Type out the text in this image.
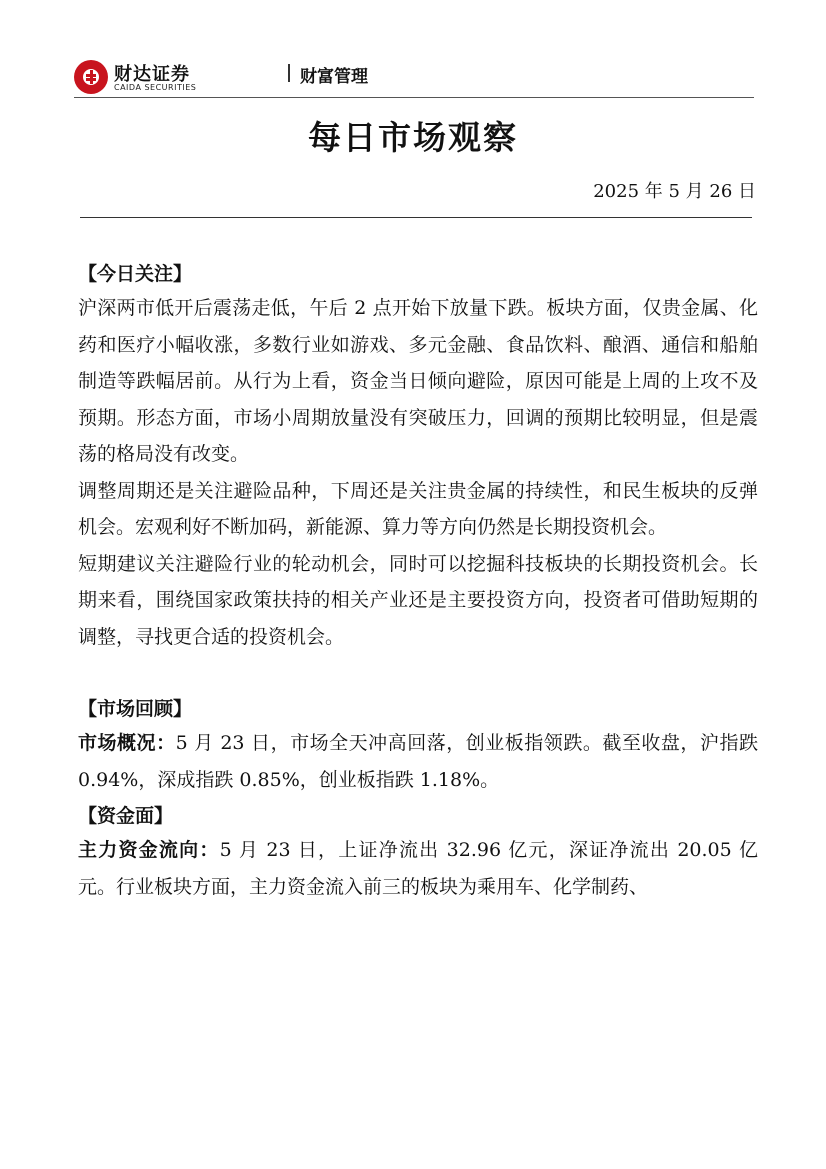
财达证券
CAIDA SECURITIES
财富管理
每日市场观察
2025 年 5 月 26 日
【今日关注】

沪深两市低开后震荡走低，午后 2 点开始下放量下跌。板块方面，仅贵金属、化药和医疗小幅收涨，多数行业如游戏、多元金融、食品饮料、酿酒、通信和船舶制造等跌幅居前。从行为上看，资金当日倾向避险，原因可能是上周的上攻不及预期。形态方面，市场小周期放量没有突破压力，回调的预期比较明显，但是震荡的格局没有改变。

调整周期还是关注避险品种，下周还是关注贵金属的持续性，和民生板块的反弹机会。宏观利好不断加码，新能源、算力等方向仍然是长期投资机会。

短期建议关注避险行业的轮动机会，同时可以挖掘科技板块的长期投资机会。长期来看，围绕国家政策扶持的相关产业还是主要投资方向，投资者可借助短期的调整，寻找更合适的投资机会。

【市场回顾】

市场概况：5 月 23 日，市场全天冲高回落，创业板指领跌。截至收盘，沪指跌 0.94%，深成指跌 0.85%，创业板指跌 1.18%。

【资金面】

主力资金流向：5 月 23 日，上证净流出 32.96 亿元，深证净流出 20.05 亿元。行业板块方面，主力资金流入前三的板块为乘用车、化学制药、
